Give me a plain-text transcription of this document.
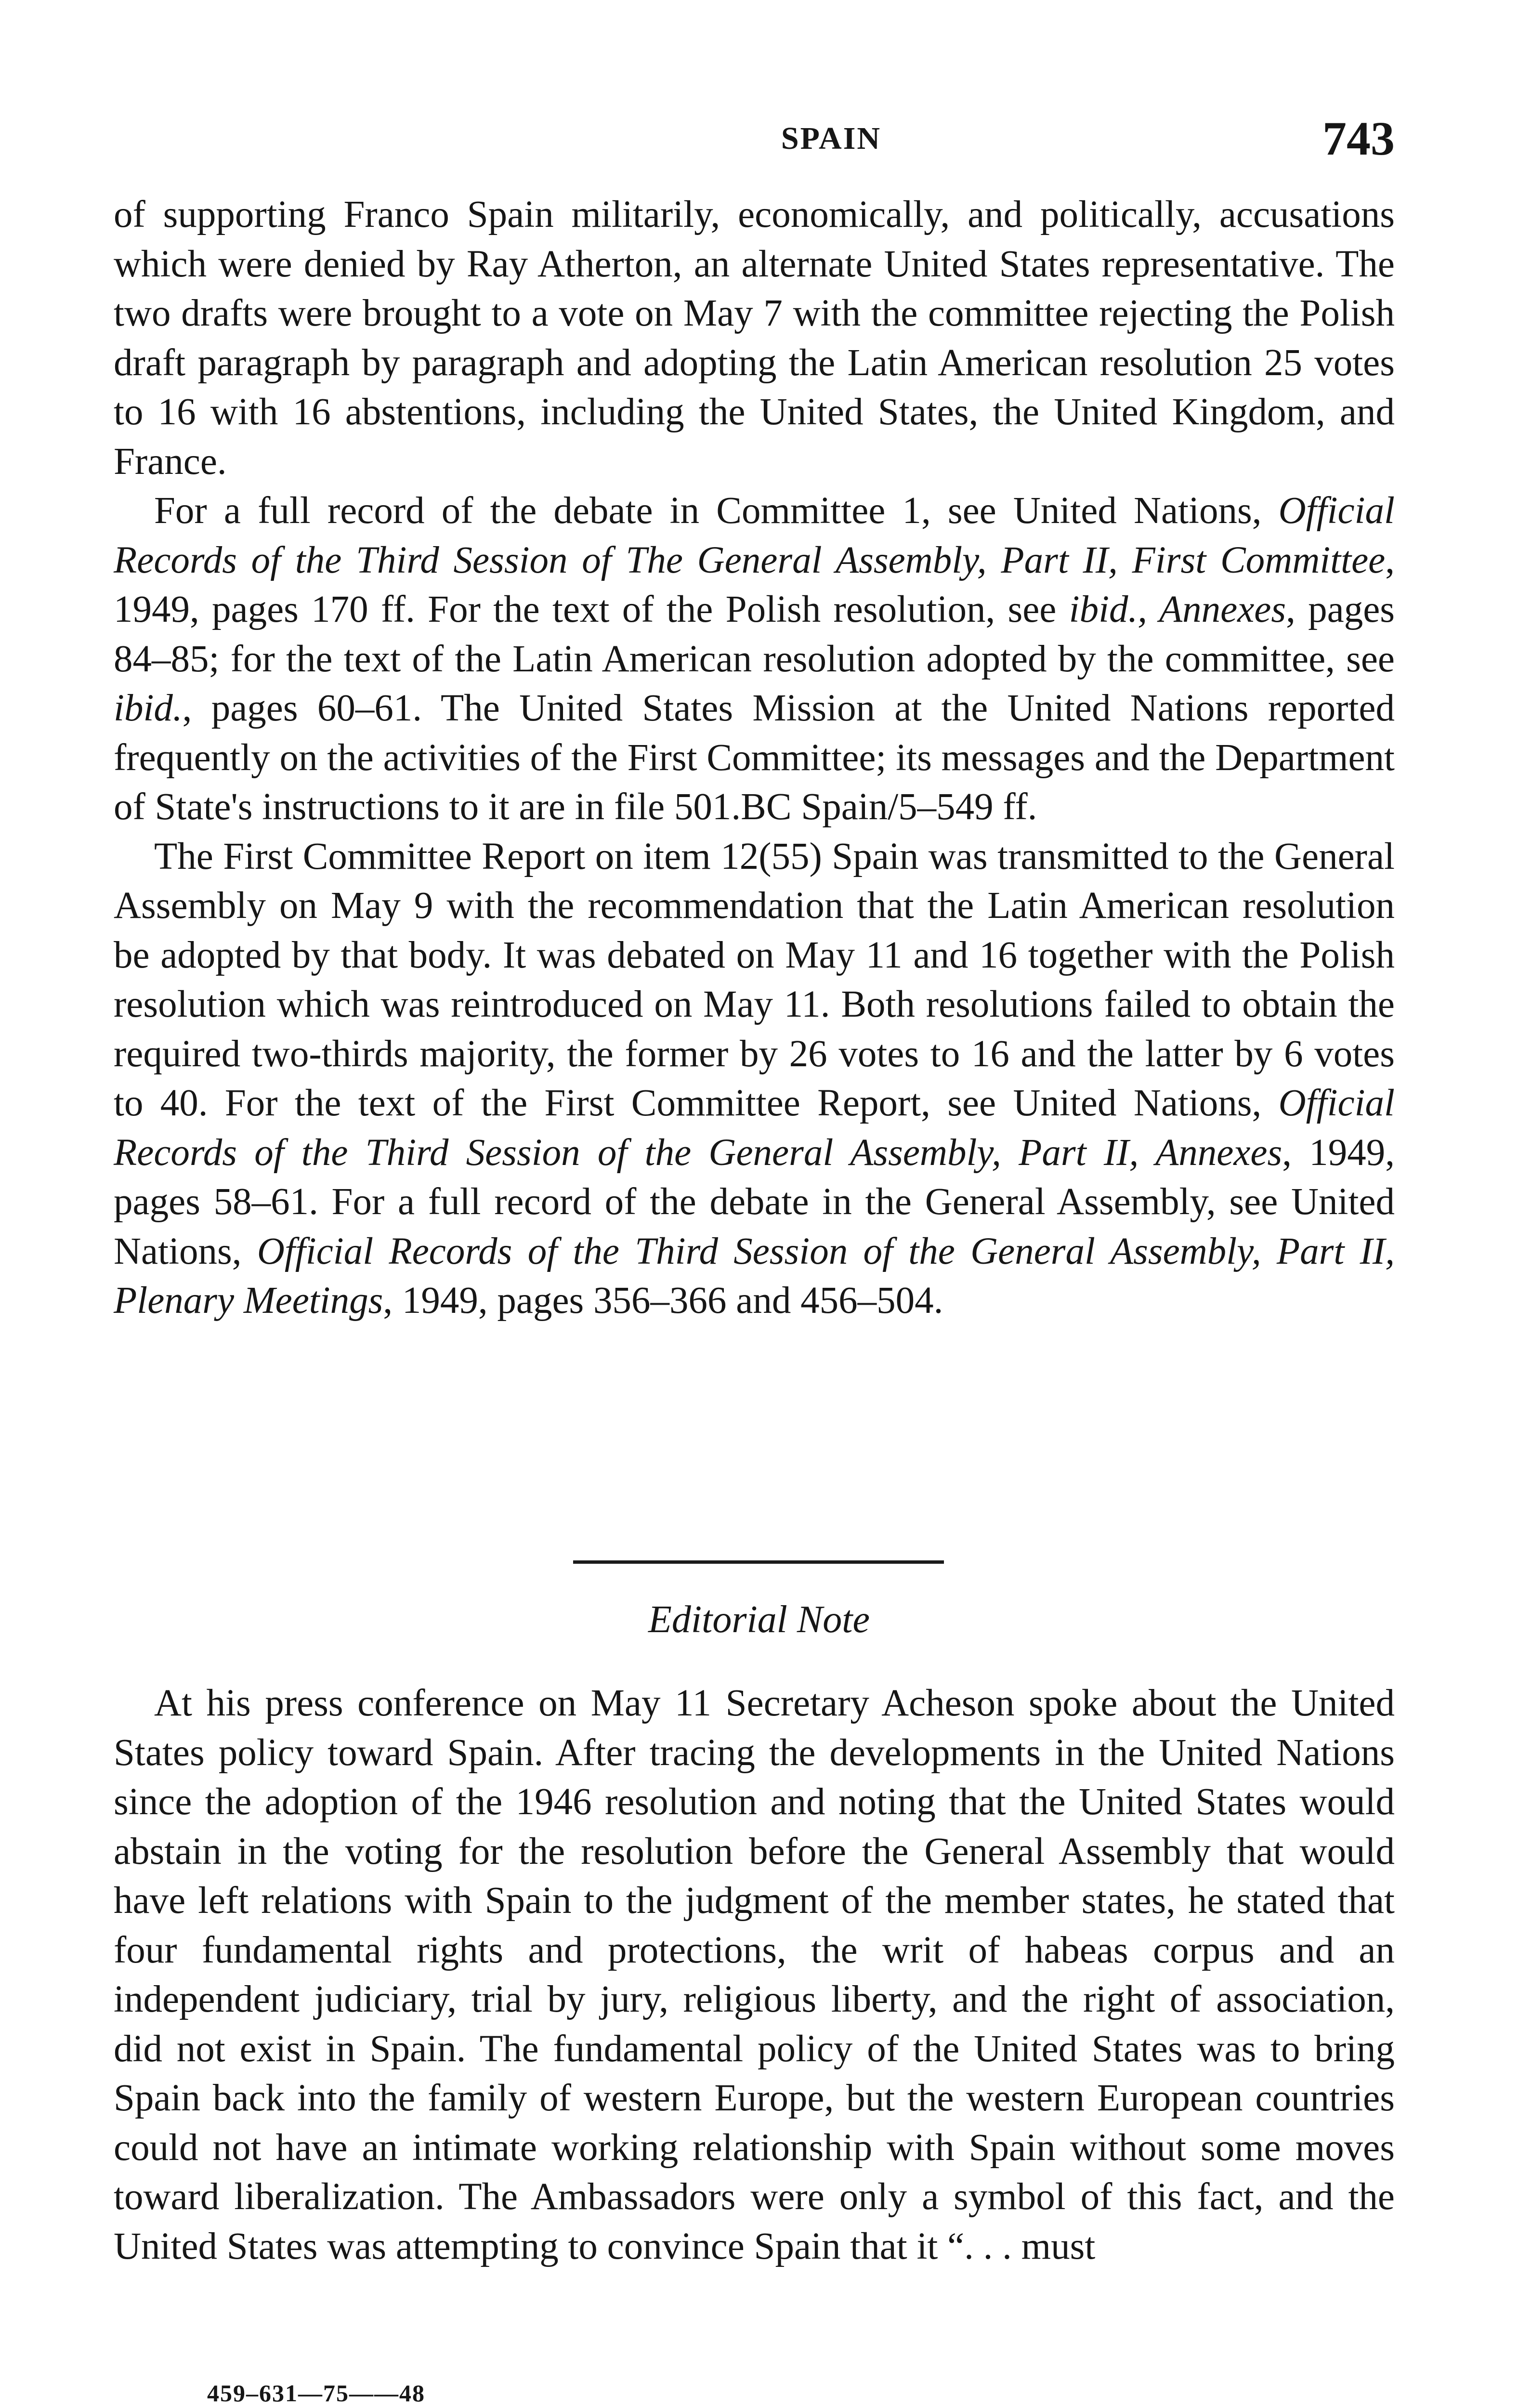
SPAIN	743

of supporting Franco Spain militarily, economically, and politically, accusations which were denied by Ray Atherton, an alternate United States representative. The two drafts were brought to a vote on May 7 with the committee rejecting the Polish draft paragraph by paragraph and adopting the Latin American resolution 25 votes to 16 with 16 abstentions, including the United States, the United Kingdom, and France.

For a full record of the debate in Committee 1, see United Nations, Official Records of the Third Session of The General Assembly, Part II, First Committee, 1949, pages 170 ff. For the text of the Polish resolution, see ibid., Annexes, pages 84–85; for the text of the Latin American resolution adopted by the committee, see ibid., pages 60–61. The United States Mission at the United Nations reported frequently on the activities of the First Committee; its messages and the Department of State's instructions to it are in file 501.BC Spain/5–549 ff.

The First Committee Report on item 12(55) Spain was transmitted to the General Assembly on May 9 with the recommendation that the Latin American resolution be adopted by that body. It was debated on May 11 and 16 together with the Polish resolution which was reintroduced on May 11. Both resolutions failed to obtain the required two-thirds majority, the former by 26 votes to 16 and the latter by 6 votes to 40. For the text of the First Committee Report, see United Nations, Official Records of the Third Session of the General Assembly, Part II, Annexes, 1949, pages 58–61. For a full record of the debate in the General Assembly, see United Nations, Official Records of the Third Session of the General Assembly, Part II, Plenary Meetings, 1949, pages 356–366 and 456–504.

Editorial Note

At his press conference on May 11 Secretary Acheson spoke about the United States policy toward Spain. After tracing the developments in the United Nations since the adoption of the 1946 resolution and noting that the United States would abstain in the voting for the resolution before the General Assembly that would have left relations with Spain to the judgment of the member states, he stated that four fundamental rights and protections, the writ of habeas corpus and an independent judiciary, trial by jury, religious liberty, and the right of association, did not exist in Spain. The fundamental policy of the United States was to bring Spain back into the family of western Europe, but the western European countries could not have an intimate working relationship with Spain without some moves toward liberalization. The Ambassadors were only a symbol of this fact, and the United States was attempting to convince Spain that it “. . . must

459–631—75——48
